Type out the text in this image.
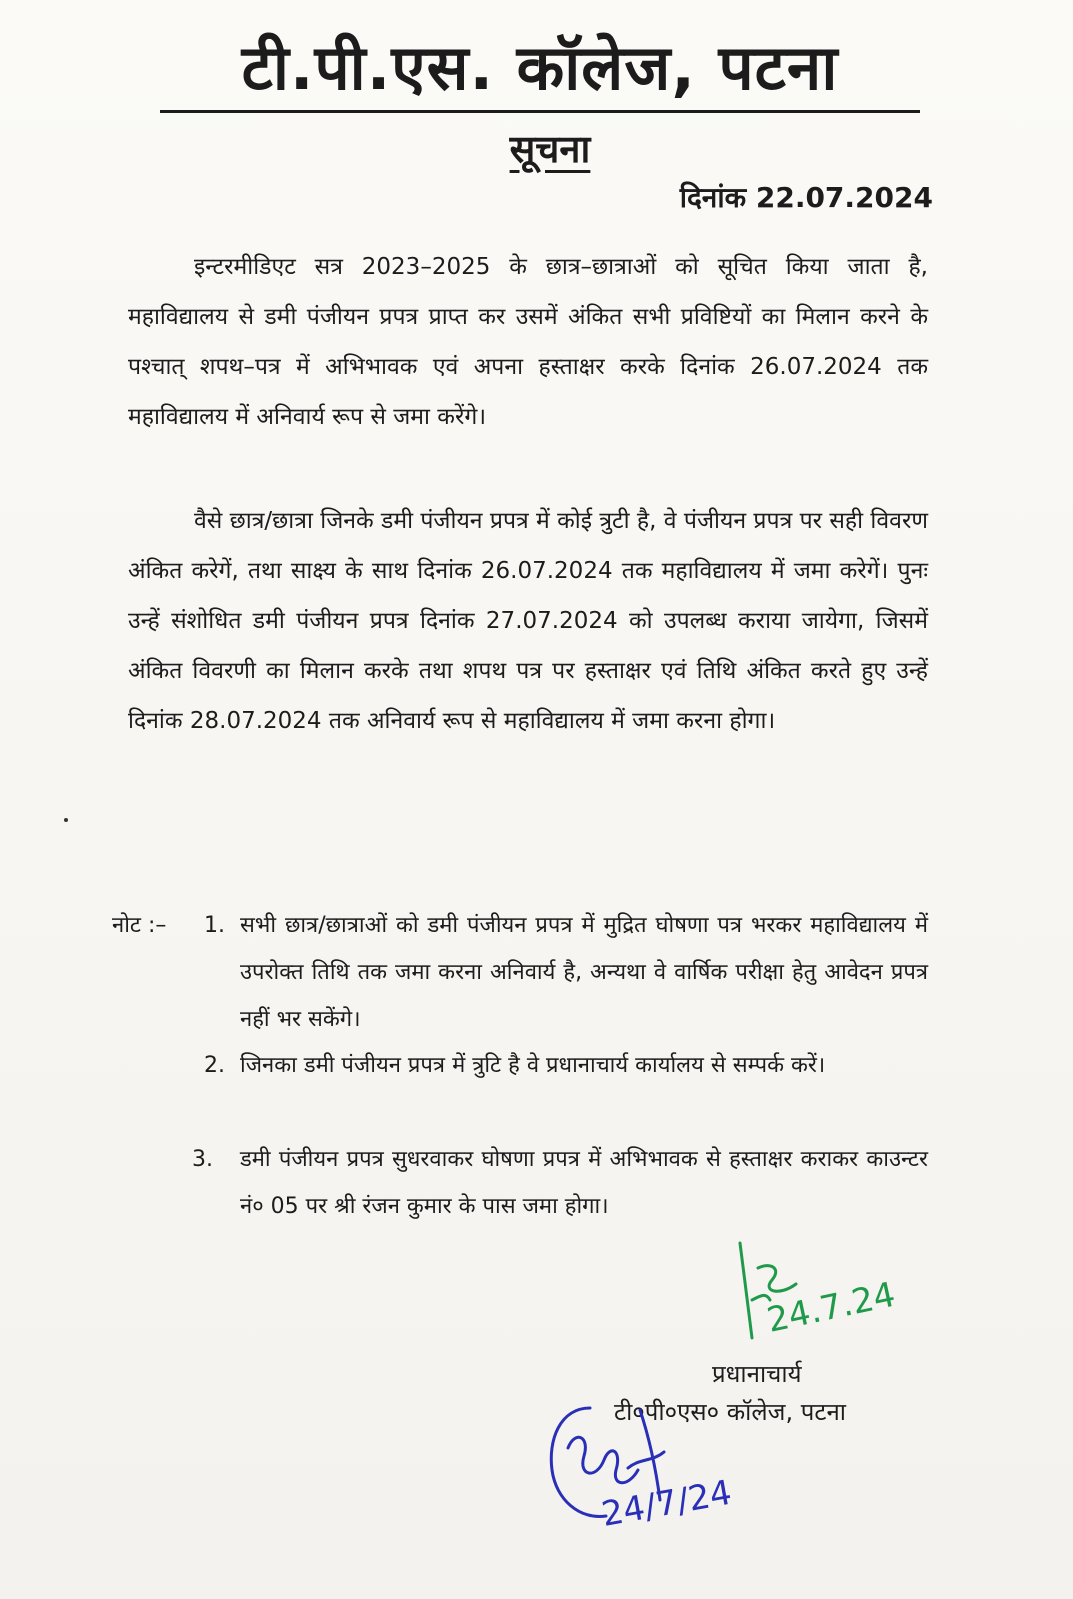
टी.पी.एस. कॉलेज, पटना
सूचना
दिनांक 22.07.2024
इन्टरमीडिएट सत्र 2023–2025 के छात्र–छात्राओं को सूचित किया जाता है, महाविद्यालय से डमी पंजीयन प्रपत्र प्राप्त कर उसमें अंकित सभी प्रविष्टियों का मिलान करने के पश्चात् शपथ–पत्र में अभिभावक एवं अपना हस्ताक्षर करके दिनांक 26.07.2024 तक महाविद्यालय में अनिवार्य रूप से जमा करेंगे।
वैसे छात्र/छात्रा जिनके डमी पंजीयन प्रपत्र में कोई त्रुटी है, वे पंजीयन प्रपत्र पर सही विवरण अंकित करेगें, तथा साक्ष्य के साथ दिनांक 26.07.2024 तक महाविद्यालय में जमा करेगें। पुनः उन्हें संशोधित डमी पंजीयन प्रपत्र दिनांक 27.07.2024 को उपलब्ध कराया जायेगा, जिसमें अंकित विवरणी का मिलान करके तथा शपथ पत्र पर हस्ताक्षर एवं तिथि अंकित करते हुए उन्हें दिनांक 28.07.2024 तक अनिवार्य रूप से महाविद्यालय में जमा करना होगा।
नोट :–	1. सभी छात्र/छात्राओं को डमी पंजीयन प्रपत्र में मुद्रित घोषणा पत्र भरकर महाविद्यालय में उपरोक्त तिथि तक जमा करना अनिवार्य है, अन्यथा वे वार्षिक परीक्षा हेतु आवेदन प्रपत्र नहीं भर सकेंगे।
2. जिनका डमी पंजीयन प्रपत्र में त्रुटि है वे प्रधानाचार्य कार्यालय से सम्पर्क करें।
3.	डमी पंजीयन प्रपत्र सुधरवाकर घोषणा प्रपत्र में अभिभावक से हस्ताक्षर कराकर काउन्टर नं० 05 पर श्री रंजन कुमार के पास जमा होगा।
प्रधानाचार्य
टी०पी०एस० कॉलेज, पटना
24.7.24
24/7/24
